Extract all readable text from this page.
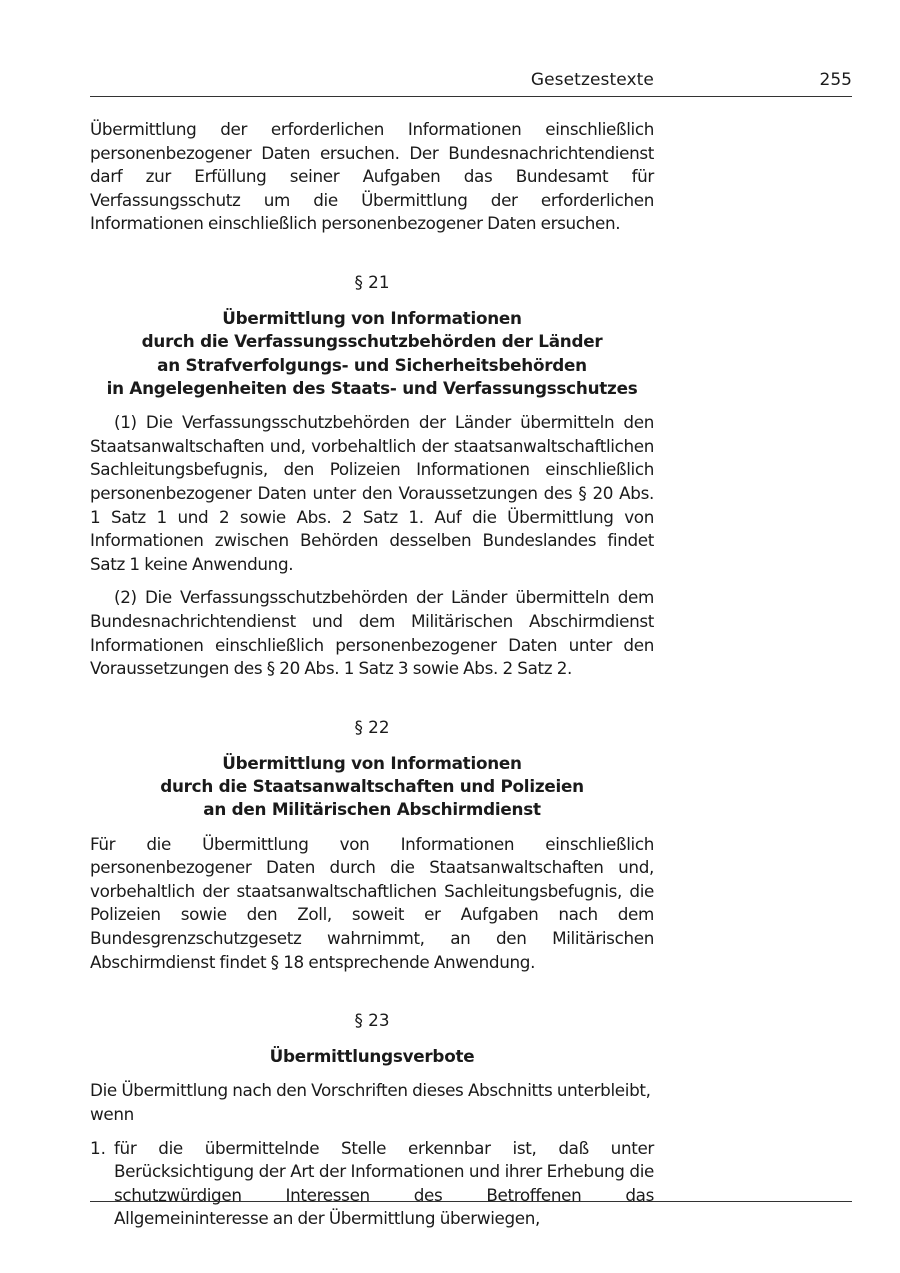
Gesetzestexte	255

Übermittlung der erforderlichen Informationen einschließlich personenbezogener Daten ersuchen. Der Bundesnachrichtendienst darf zur Erfüllung seiner Aufgaben das Bundesamt für Verfassungsschutz um die Übermittlung der erforderlichen Informationen einschließlich personenbezogener Daten ersuchen.

§ 21
Übermittlung von Informationen
durch die Verfassungsschutzbehörden der Länder
an Strafverfolgungs- und Sicherheitsbehörden
in Angelegenheiten des Staats- und Verfassungsschutzes

(1) Die Verfassungsschutzbehörden der Länder übermitteln den Staatsanwaltschaften und, vorbehaltlich der staatsanwaltschaftlichen Sachleitungsbefugnis, den Polizeien Informationen einschließlich personenbezogener Daten unter den Voraussetzungen des § 20 Abs. 1 Satz 1 und 2 sowie Abs. 2 Satz 1. Auf die Übermittlung von Informationen zwischen Behörden desselben Bundeslandes findet Satz 1 keine Anwendung.

(2) Die Verfassungsschutzbehörden der Länder übermitteln dem Bundesnachrichtendienst und dem Militärischen Abschirmdienst Informationen einschließlich personenbezogener Daten unter den Voraussetzungen des § 20 Abs. 1 Satz 3 sowie Abs. 2 Satz 2.

§ 22
Übermittlung von Informationen
durch die Staatsanwaltschaften und Polizeien
an den Militärischen Abschirmdienst

Für die Übermittlung von Informationen einschließlich personenbezogener Daten durch die Staatsanwaltschaften und, vorbehaltlich der staatsanwaltschaftlichen Sachleitungsbefugnis, die Polizeien sowie den Zoll, soweit er Aufgaben nach dem Bundesgrenzschutzgesetz wahrnimmt, an den Militärischen Abschirmdienst findet § 18 entsprechende Anwendung.

§ 23
Übermittlungsverbote

Die Übermittlung nach den Vorschriften dieses Abschnitts unterbleibt, wenn

1. für die übermittelnde Stelle erkennbar ist, daß unter Berücksichtigung der Art der Informationen und ihrer Erhebung die schutzwürdigen Interessen des Betroffenen das Allgemeininteresse an der Übermittlung überwiegen,
